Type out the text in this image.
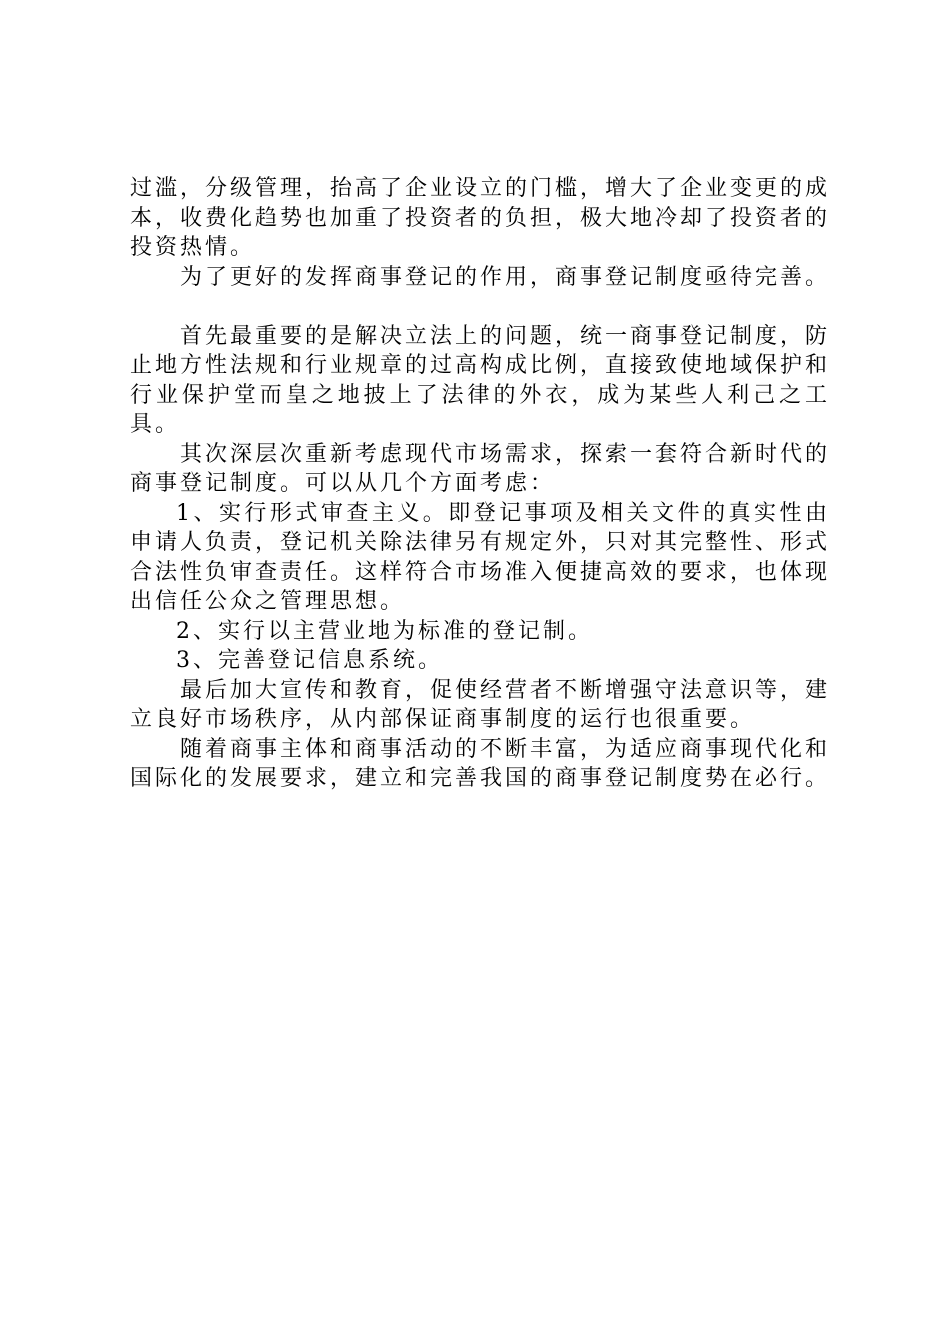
过滥，分级管理，抬高了企业设立的门槛，增大了企业变更的成本，收费化趋势也加重了投资者的负担，极大地冷却了投资者的投资热情。

为了更好的发挥商事登记的作用，商事登记制度亟待完善。

首先最重要的是解决立法上的问题，统一商事登记制度，防止地方性法规和行业规章的过高构成比例，直接致使地域保护和行业保护堂而皇之地披上了法律的外衣，成为某些人利己之工具。

其次深层次重新考虑现代市场需求，探索一套符合新时代的商事登记制度。可以从几个方面考虑：

1、实行形式审查主义。即登记事项及相关文件的真实性由申请人负责，登记机关除法律另有规定外，只对其完整性、形式合法性负审查责任。这样符合市场准入便捷高效的要求，也体现出信任公众之管理思想。

2、实行以主营业地为标准的登记制。

3、完善登记信息系统。

最后加大宣传和教育，促使经营者不断增强守法意识等，建立良好市场秩序，从内部保证商事制度的运行也很重要。

随着商事主体和商事活动的不断丰富，为适应商事现代化和国际化的发展要求，建立和完善我国的商事登记制度势在必行。
